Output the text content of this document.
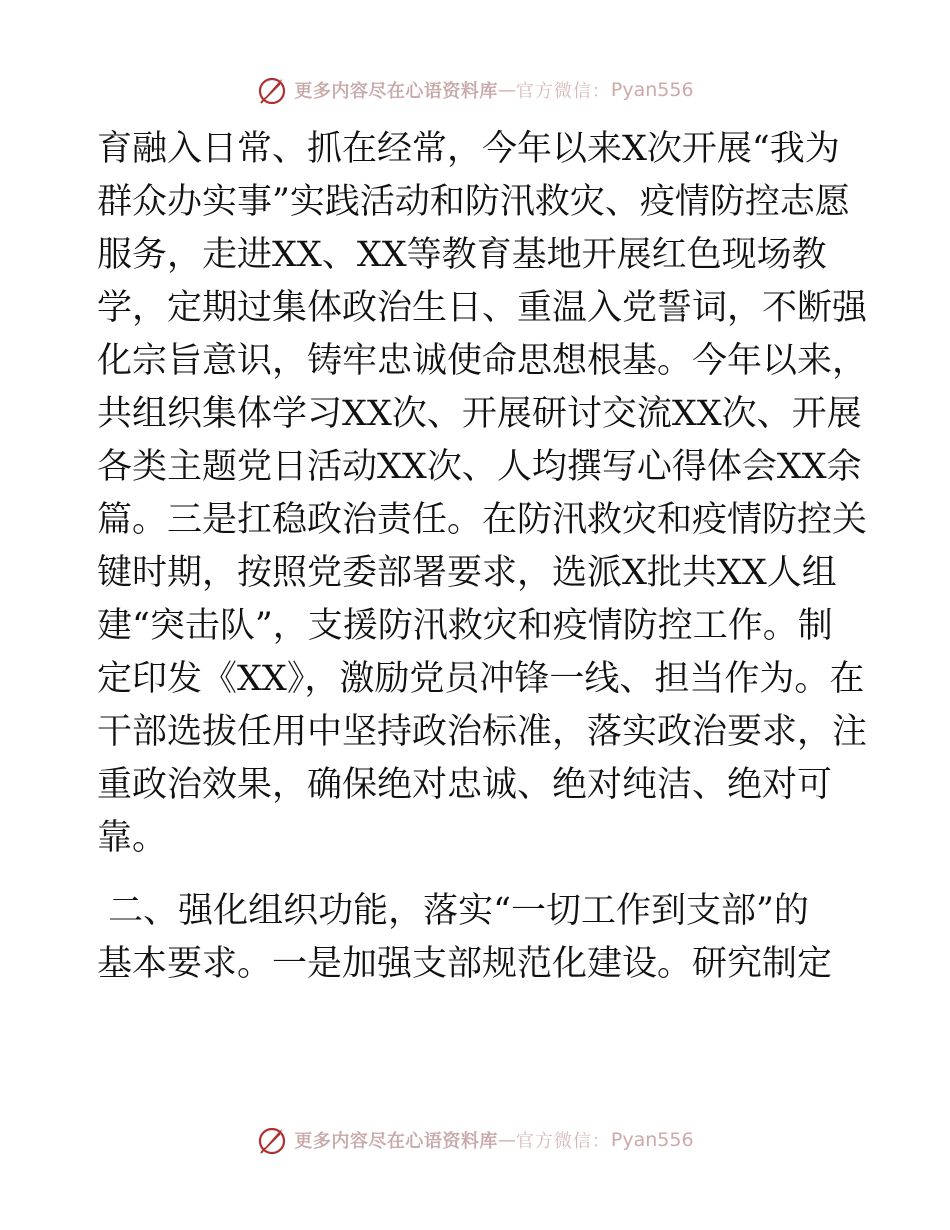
更多内容尽在心语资料库 — 官方微信： Pyan556
育融入日常、抓在经常，今年以来X次开展“我为
群众办实事”实践活动和防汛救灾、疫情防控志愿
服务，走进XX、XX等教育基地开展红色现场教
学，定期过集体政治生日、重温入党誓词，不断强
化宗旨意识，铸牢忠诚使命思想根基。今年以来，
共组织集体学习XX次、开展研讨交流XX次、开展
各类主题党日活动XX次、人均撰写心得体会XX余
篇。三是扛稳政治责任。在防汛救灾和疫情防控关
键时期，按照党委部署要求，选派X批共XX人组
建“突击队”，支援防汛救灾和疫情防控工作。制
定印发《XX》，激励党员冲锋一线、担当作为。在
干部选拔任用中坚持政治标准，落实政治要求，注
重政治效果，确保绝对忠诚、绝对纯洁、绝对可
靠。
二、强化组织功能，落实“一切工作到支部”的
基本要求。一是加强支部规范化建设。研究制定
更多内容尽在心语资料库 — 官方微信： Pyan556
